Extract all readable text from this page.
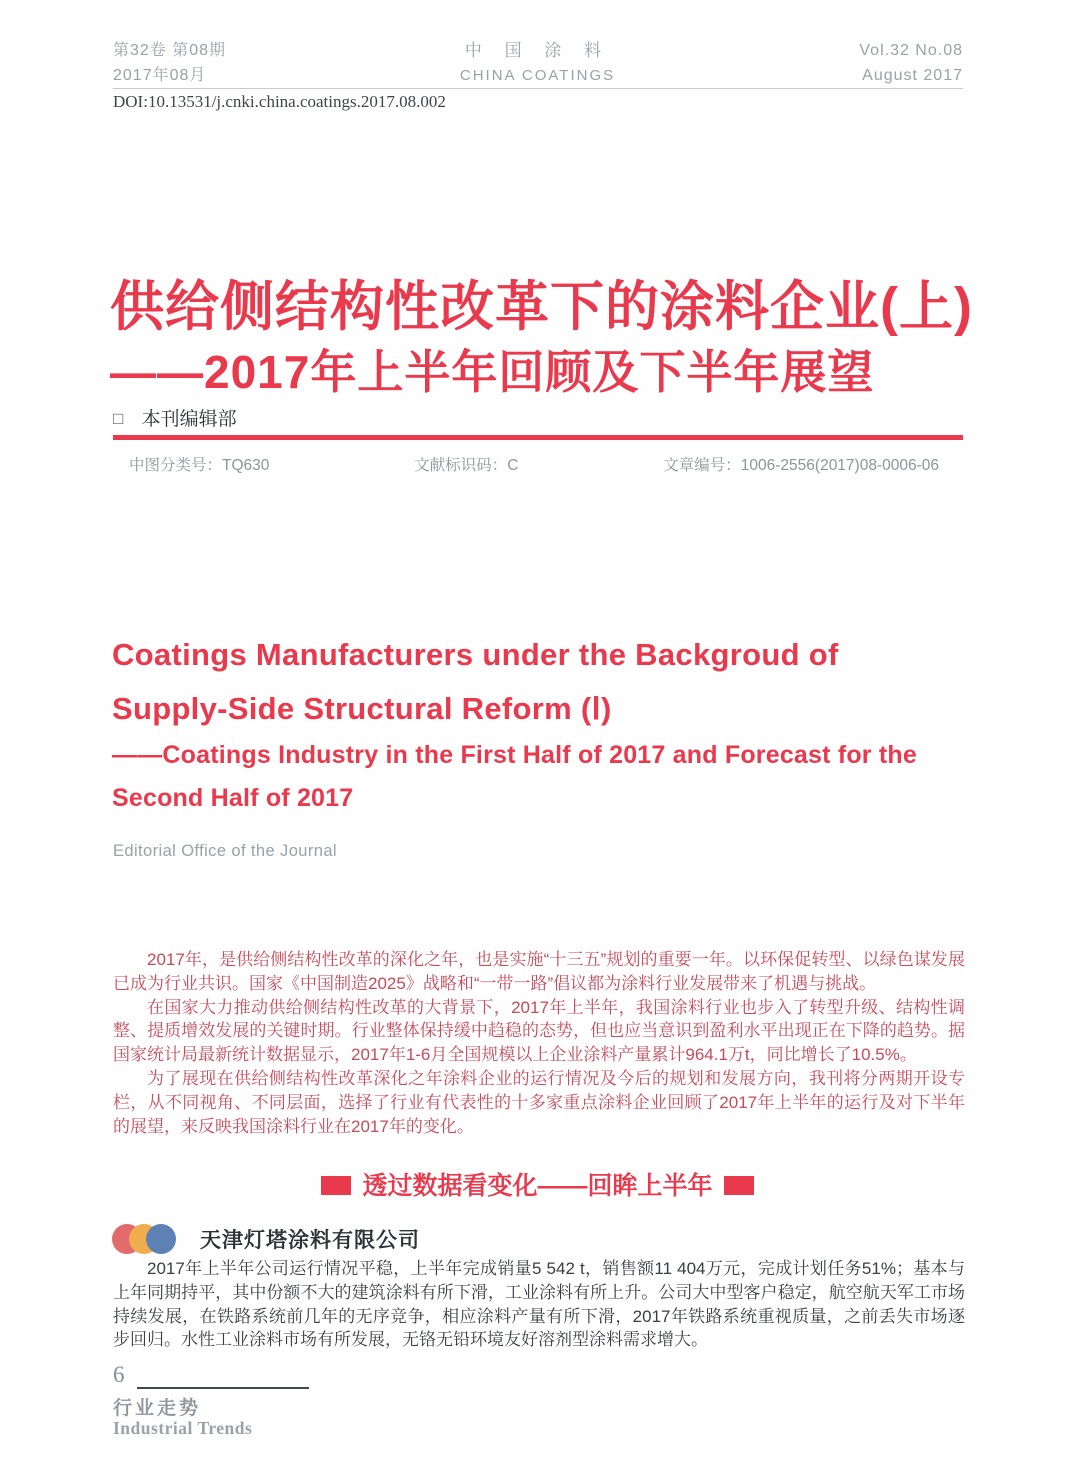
第32卷 第08期
2017年08月
中 国 涂 料
CHINA COATINGS
Vol.32 No.08
August 2017
DOI:10.13531/j.cnki.china.coatings.2017.08.002
供给侧结构性改革下的涂料企业(上)
——2017年上半年回顾及下半年展望
□ 本刊编辑部
中图分类号：TQ630	文献标识码：C	文章编号：1006-2556(2017)08-0006-06
Coatings Manufacturers under the Backgroud of
Supply-Side Structural Reform (Ⅰ)
——Coatings Industry in the First Half of 2017 and Forecast for the Second Half of 2017
Editorial Office of the Journal

2017年，是供给侧结构性改革的深化之年，也是实施“十三五”规划的重要一年。以环保促转型、以绿色谋发展已成为行业共识。国家《中国制造2025》战略和“一带一路”倡议都为涂料行业发展带来了机遇与挑战。

在国家大力推动供给侧结构性改革的大背景下，2017年上半年，我国涂料行业也步入了转型升级、结构性调整、提质增效发展的关键时期。行业整体保持缓中趋稳的态势，但也应当意识到盈利水平出现正在下降的趋势。据国家统计局最新统计数据显示，2017年1-6月全国规模以上企业涂料产量累计964.1万t，同比增长了10.5%。

为了展现在供给侧结构性改革深化之年涂料企业的运行情况及今后的规划和发展方向，我刊将分两期开设专栏，从不同视角、不同层面，选择了行业有代表性的十多家重点涂料企业回顾了2017年上半年的运行及对下半年的展望，来反映我国涂料行业在2017年的变化。

透过数据看变化——回眸上半年
天津灯塔涂料有限公司

2017年上半年公司运行情况平稳，上半年完成销量5 542 t，销售额11 404万元，完成计划任务51%；基本与上年同期持平，其中份额不大的建筑涂料有所下滑，工业涂料有所上升。公司大中型客户稳定，航空航天军工市场持续发展，在铁路系统前几年的无序竞争，相应涂料产量有所下滑，2017年铁路系统重视质量，之前丢失市场逐步回归。水性工业涂料市场有所发展，无铬无铅环境友好溶剂型涂料需求增大。

6
行业走势
Industrial Trends
